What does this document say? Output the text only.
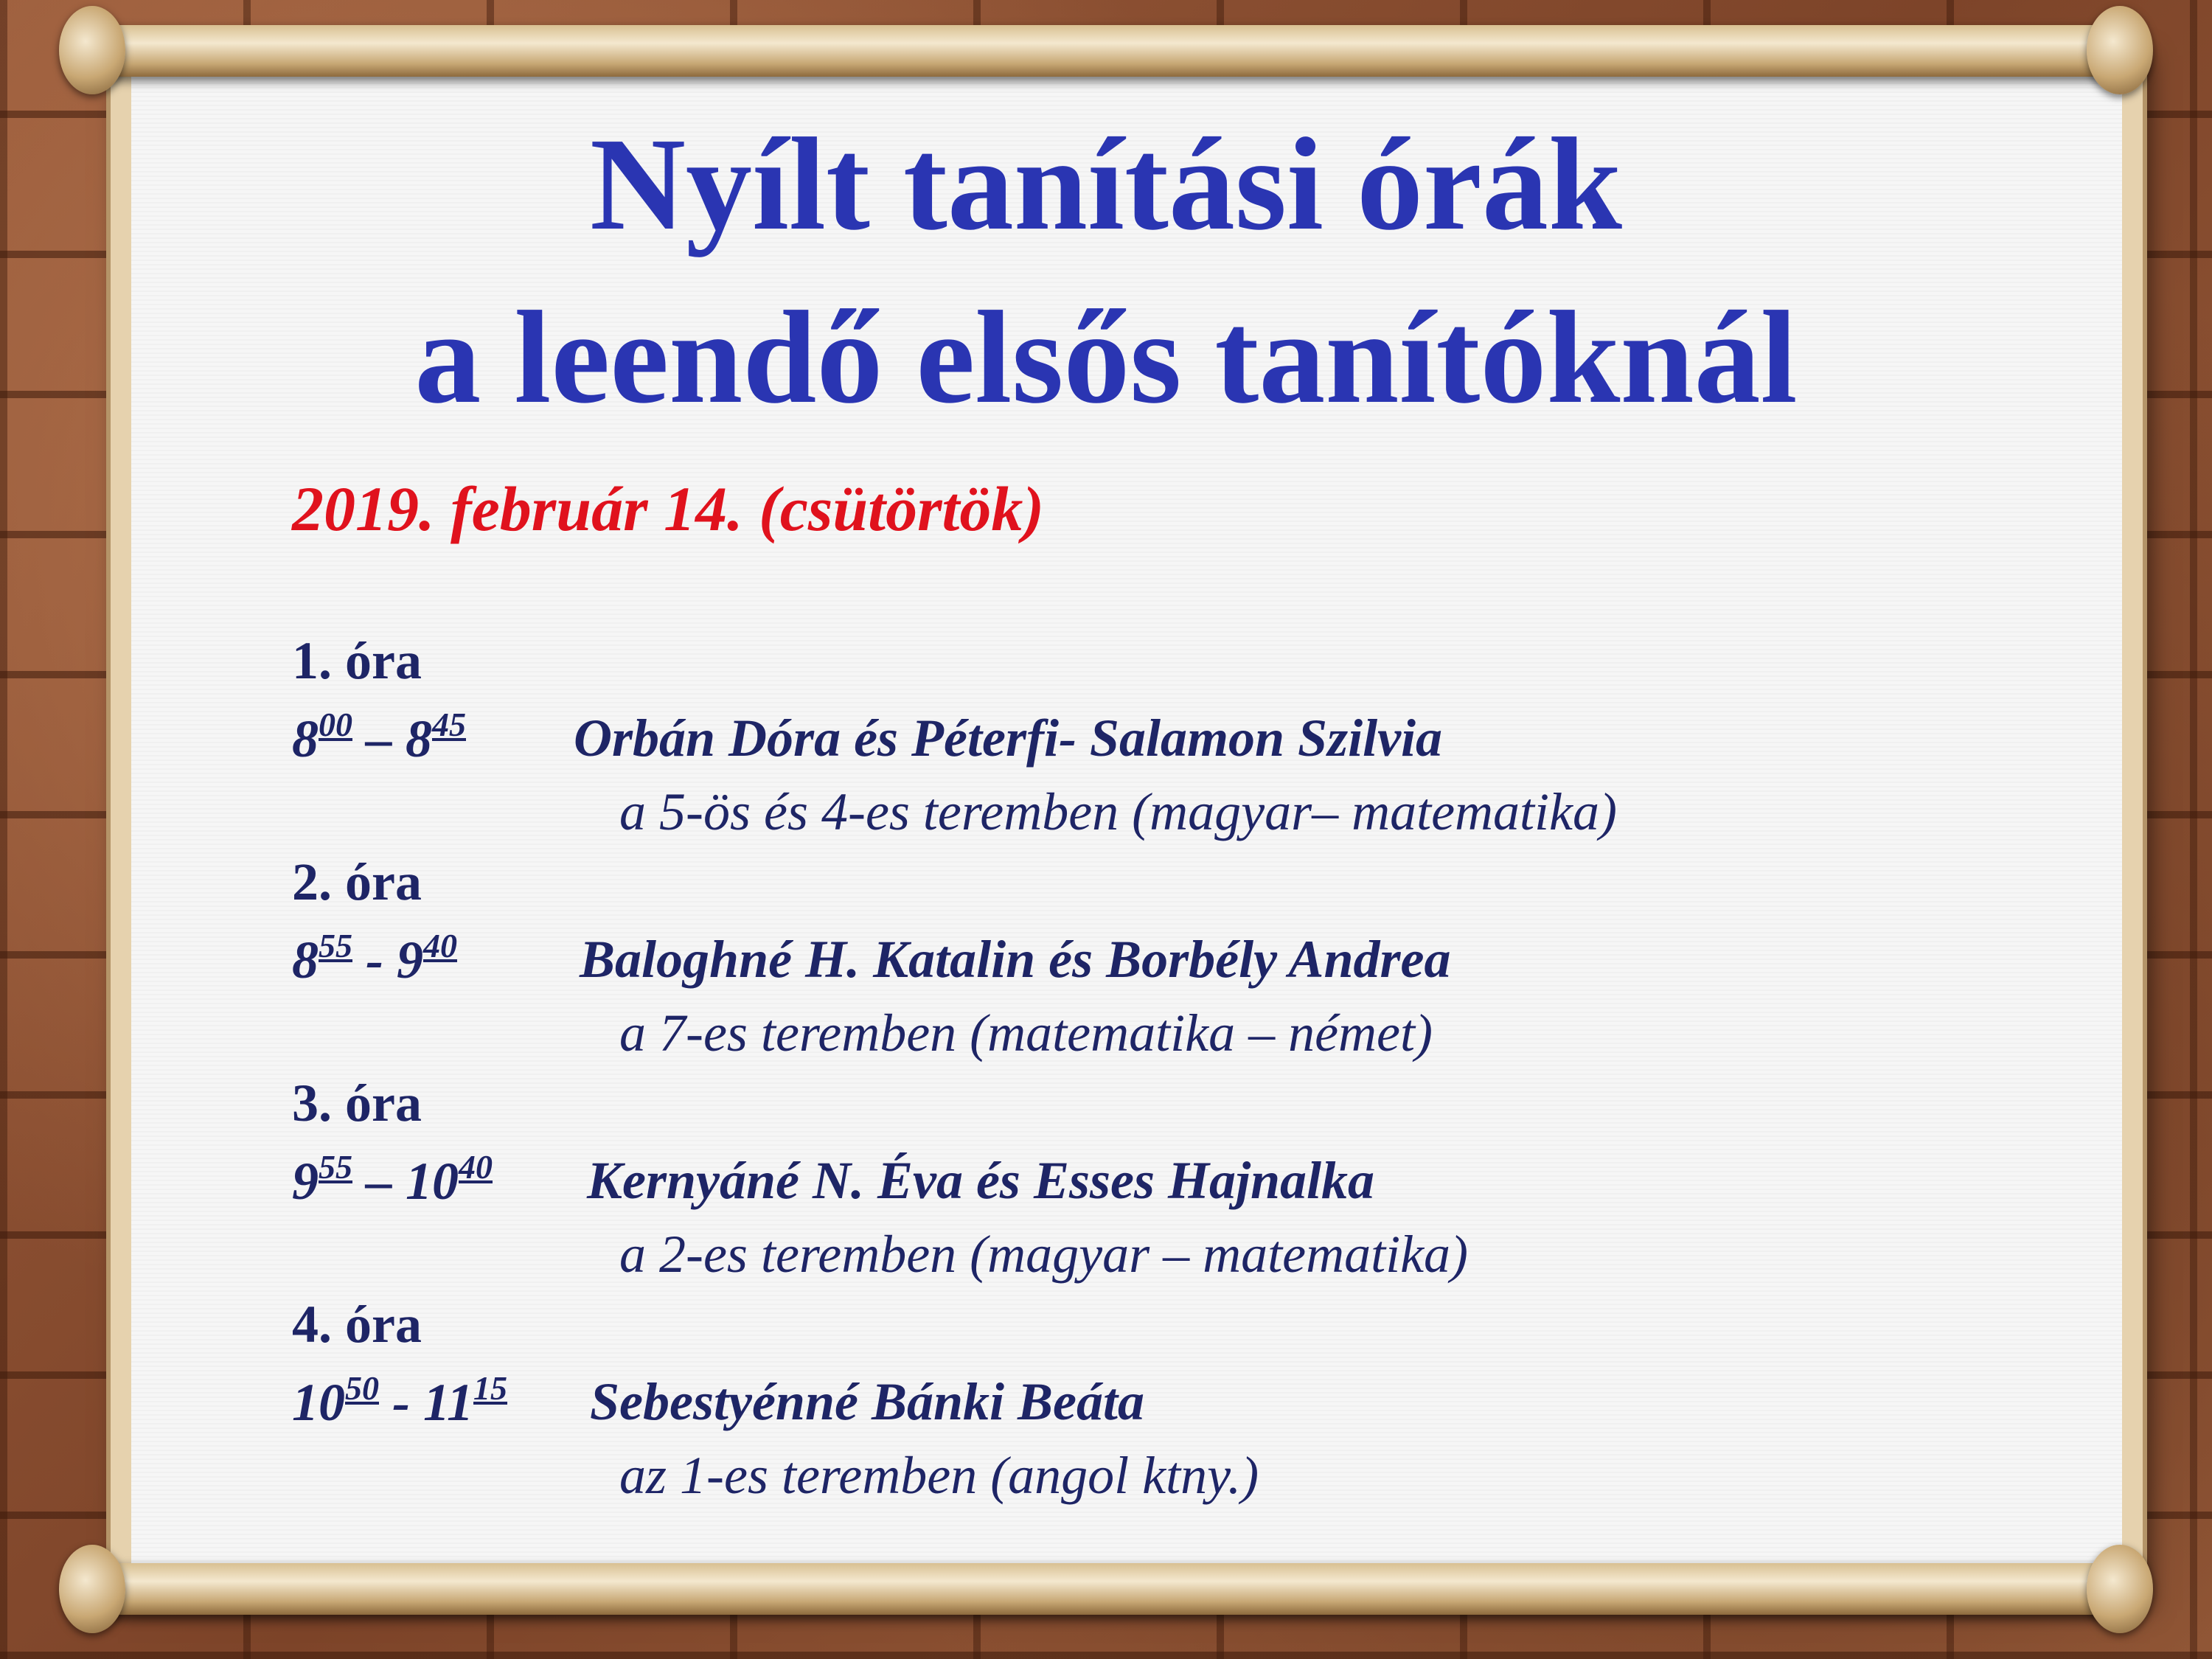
Nyílt tanítási órák
a leendő elsős tanítóknál
2019. február 14. (csütörtök)
1. óra
$8^{00} - 8^{45}$ Orbán Dóra és Péterfi- Salamon Szilvia
a 5-ös és 4-es teremben (magyar– matematika)
2. óra
$8^{55} - 9^{40}$ Baloghné H. Katalin és Borbély Andrea
a 7-es teremben (matematika – német)
3. óra
$9^{55} - 10^{40}$ Kernyáné N. Éva és Esses Hajnalka
a 2-es teremben (magyar – matematika)
4. óra
$10^{50} - 11^{15}$ Sebestyénné Bánki Beáta
az 1-es teremben (angol ktny.)
